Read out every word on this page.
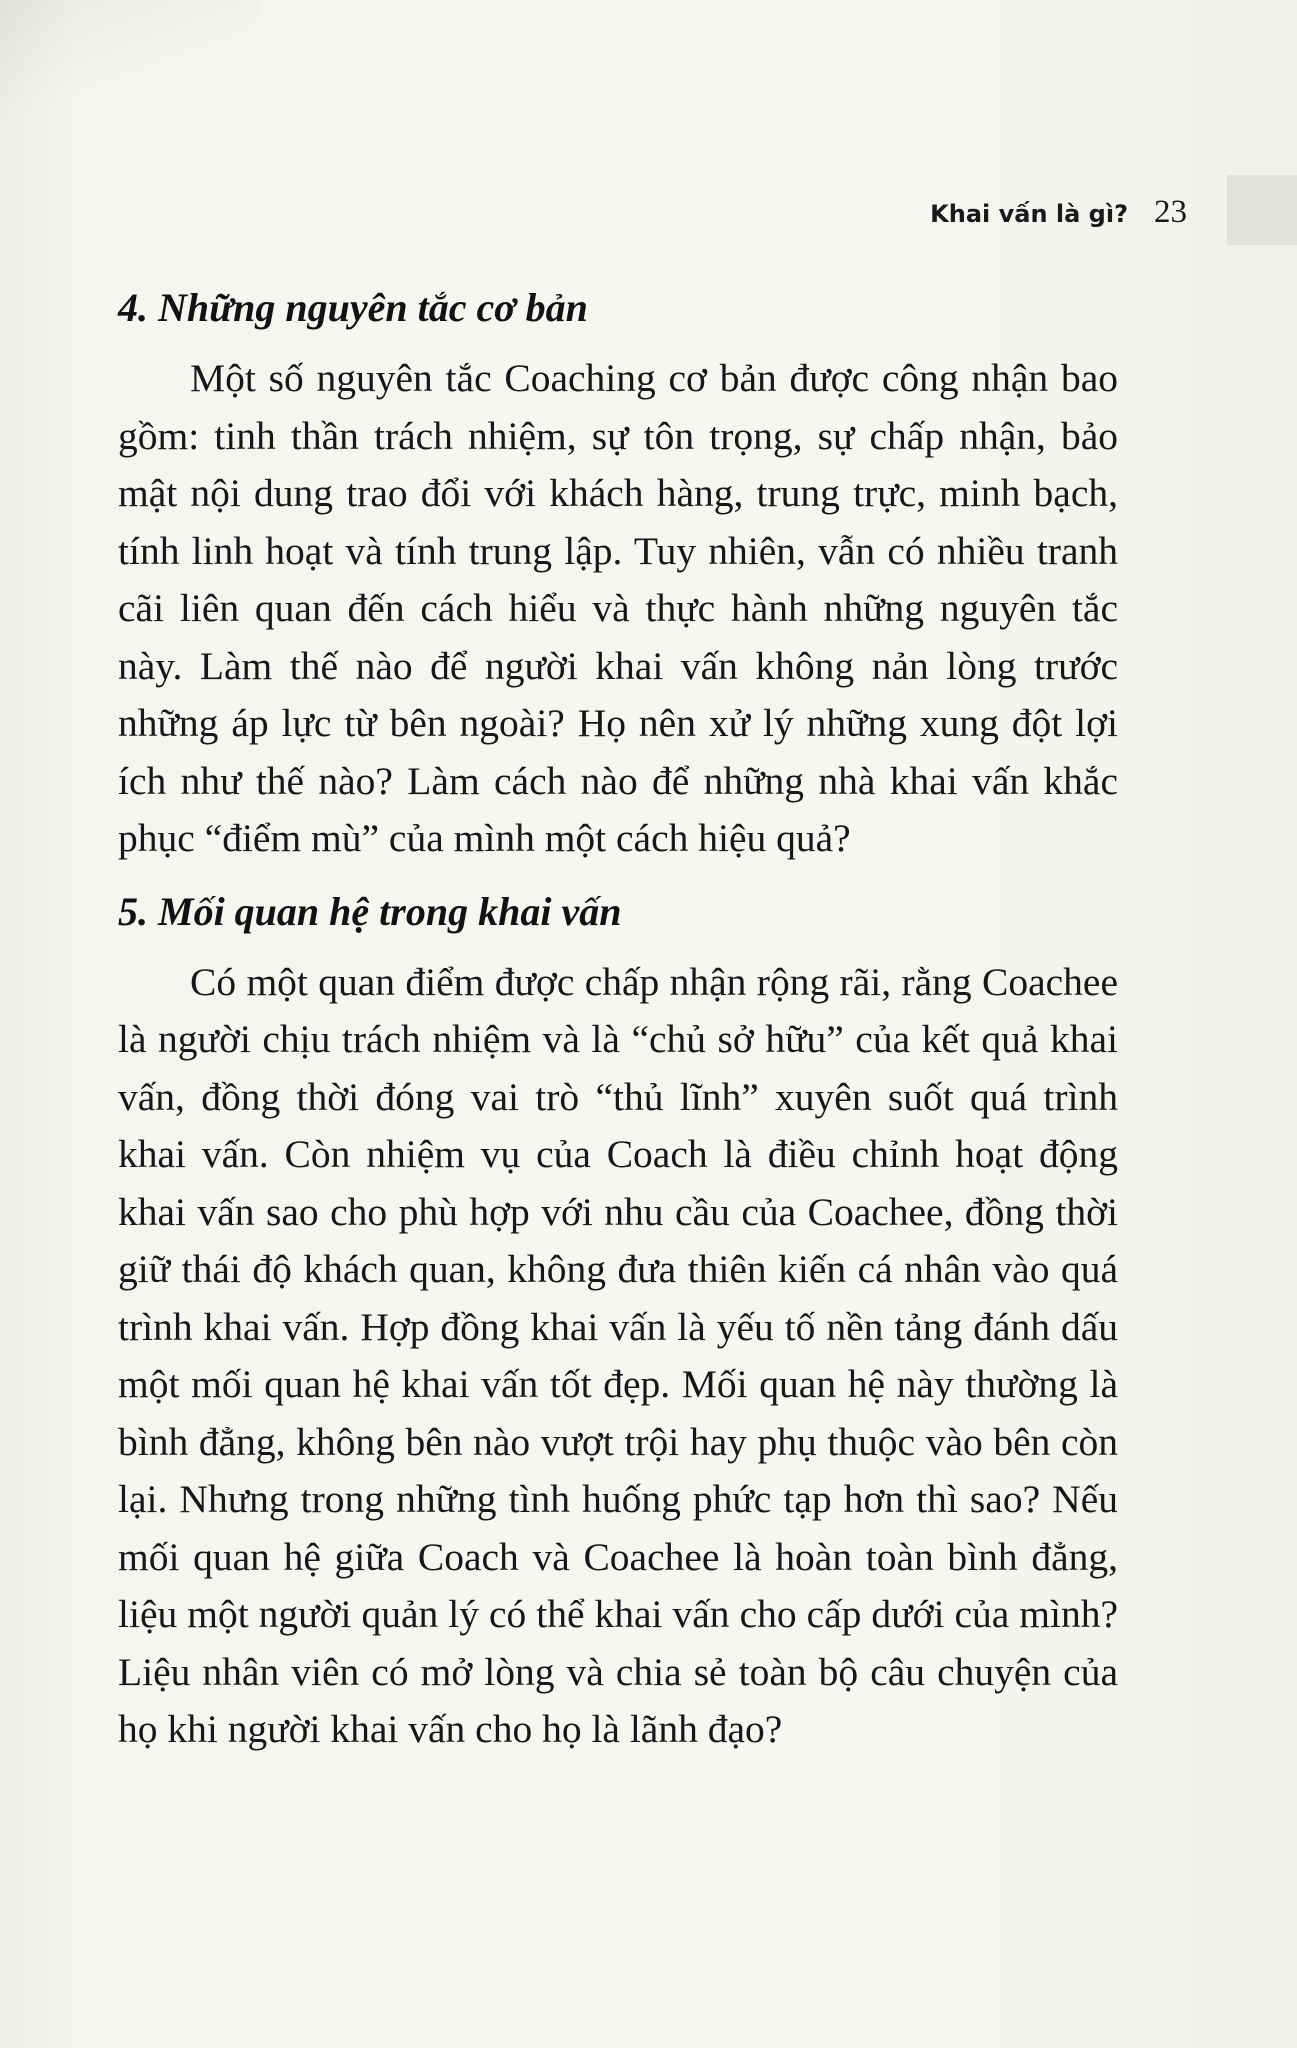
Khai vấn là gì? 23
4. Những nguyên tắc cơ bản

Một số nguyên tắc Coaching cơ bản được công nhận bao gồm: tinh thần trách nhiệm, sự tôn trọng, sự chấp nhận, bảo mật nội dung trao đổi với khách hàng, trung trực, minh bạch, tính linh hoạt và tính trung lập. Tuy nhiên, vẫn có nhiều tranh cãi liên quan đến cách hiểu và thực hành những nguyên tắc này. Làm thế nào để người khai vấn không nản lòng trước những áp lực từ bên ngoài? Họ nên xử lý những xung đột lợi ích như thế nào? Làm cách nào để những nhà khai vấn khắc phục “điểm mù” của mình một cách hiệu quả?

5. Mối quan hệ trong khai vấn

Có một quan điểm được chấp nhận rộng rãi, rằng Coachee là người chịu trách nhiệm và là “chủ sở hữu” của kết quả khai vấn, đồng thời đóng vai trò “thủ lĩnh” xuyên suốt quá trình khai vấn. Còn nhiệm vụ của Coach là điều chỉnh hoạt động khai vấn sao cho phù hợp với nhu cầu của Coachee, đồng thời giữ thái độ khách quan, không đưa thiên kiến cá nhân vào quá trình khai vấn. Hợp đồng khai vấn là yếu tố nền tảng đánh dấu một mối quan hệ khai vấn tốt đẹp. Mối quan hệ này thường là bình đẳng, không bên nào vượt trội hay phụ thuộc vào bên còn lại. Nhưng trong những tình huống phức tạp hơn thì sao? Nếu mối quan hệ giữa Coach và Coachee là hoàn toàn bình đẳng, liệu một người quản lý có thể khai vấn cho cấp dưới của mình? Liệu nhân viên có mở lòng và chia sẻ toàn bộ câu chuyện của họ khi người khai vấn cho họ là lãnh đạo?
